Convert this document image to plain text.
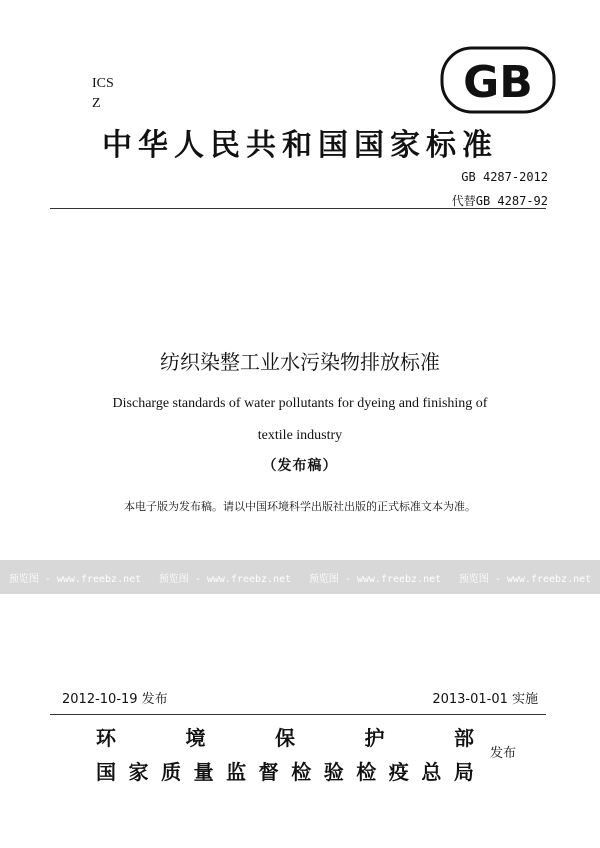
ICS
Z	GB
中华人民共和国国家标准
GB 4287-2012
代替GB 4287-92
纺织染整工业水污染物排放标准
Discharge standards of water pollutants for dyeing and finishing of
textile industry
（发布稿）
本电子版为发布稿。请以中国环境科学出版社出版的正式标准文本为准。
预览图 - www.freebz.net 预览图 - www.freebz.net 预览图 - www.freebz.net 预览图 - www.freebz.net
2012-10-19 发布	2013-01-01 实施
环	境	保	护	部
国 家 质 量 监 督 检 验 检 疫 总 局
发布
